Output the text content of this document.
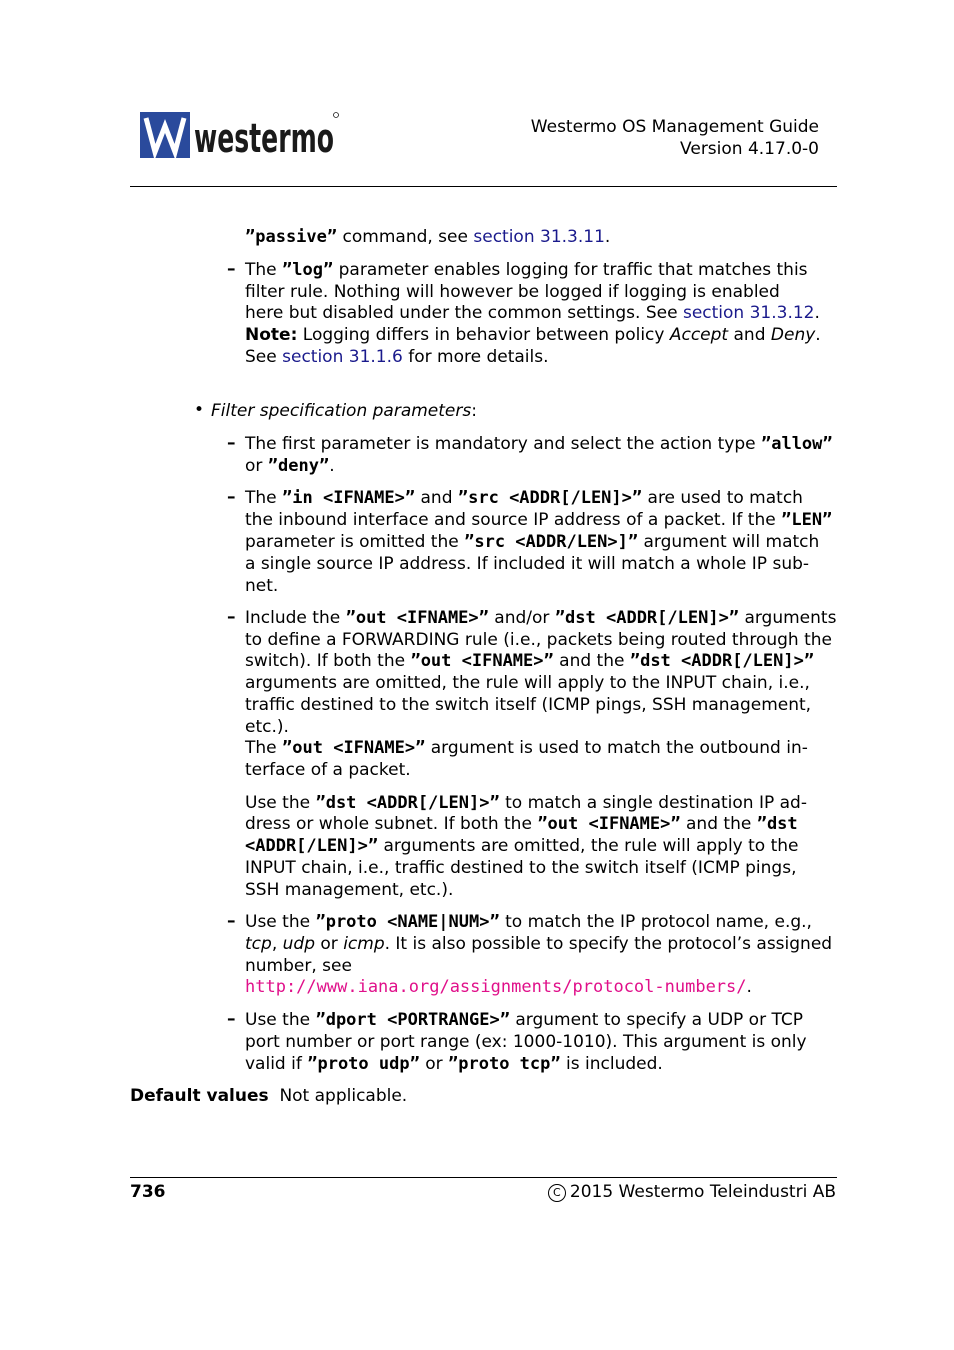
westermo	Westermo OS Management Guide
Version 4.17.0-0
”passive” command, see section 31.3.11.
– The ”log” parameter enables logging for traffic that matches this
filter rule. Nothing will however be logged if logging is enabled
here but disabled under the common settings. See section 31.3.12.
Note: Logging differs in behavior between policy Accept and Deny.
See section 31.1.6 for more details.
• Filter specification parameters:
– The first parameter is mandatory and select the action type ”allow”
or ”deny”.
– The ”in <IFNAME>” and ”src <ADDR[/LEN]>” are used to match
the inbound interface and source IP address of a packet. If the ”LEN”
parameter is omitted the ”src <ADDR/LEN>]” argument will match
a single source IP address. If included it will match a whole IP sub-
net.
– Include the ”out <IFNAME>” and/or ”dst <ADDR[/LEN]>” arguments
to define a FORWARDING rule (i.e., packets being routed through the
switch). If both the ”out <IFNAME>” and the ”dst <ADDR[/LEN]>”
arguments are omitted, the rule will apply to the INPUT chain, i.e.,
traffic destined to the switch itself (ICMP pings, SSH management,
etc.).
The ”out <IFNAME>” argument is used to match the outbound in-
terface of a packet.
Use the ”dst <ADDR[/LEN]>” to match a single destination IP ad-
dress or whole subnet. If both the ”out <IFNAME>” and the ”dst
<ADDR[/LEN]>” arguments are omitted, the rule will apply to the
INPUT chain, i.e., traffic destined to the switch itself (ICMP pings,
SSH management, etc.).
– Use the ”proto <NAME|NUM>” to match the IP protocol name, e.g.,
tcp, udp or icmp. It is also possible to specify the protocol’s assigned
number, see
http://www.iana.org/assignments/protocol-numbers/.
– Use the ”dport <PORTRANGE>” argument to specify a UDP or TCP
port number or port range (ex: 1000-1010). This argument is only
valid if ”proto udp” or ”proto tcp” is included.
Default values Not applicable.
736	C 2015 Westermo Teleindustri AB
